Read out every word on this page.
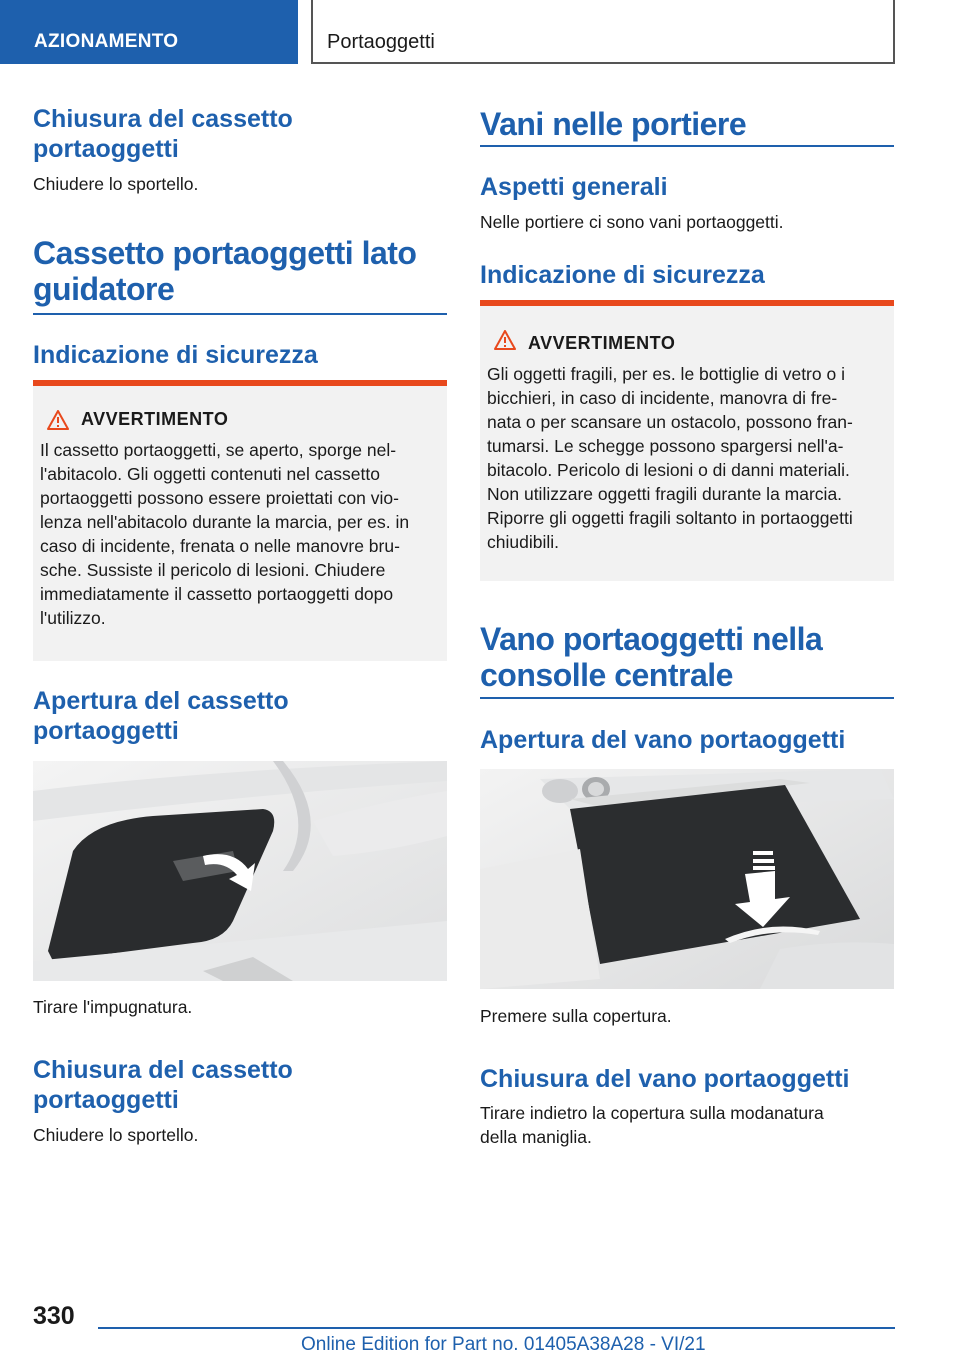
AZIONAMENTO	Portaoggetti
Chiusura del cassetto
portaoggetti

Chiudere lo sportello.

Cassetto portaoggetti lato
guidatore
Indicazione di sicurezza
AVVERTIMENTO

Il cassetto portaoggetti, se aperto, sporge nel-
l'abitacolo. Gli oggetti contenuti nel cassetto
portaoggetti possono essere proiettati con vio-
lenza nell'abitacolo durante la marcia, per es. in
caso di incidente, frenata o nelle manovre bru-
sche. Sussiste il pericolo di lesioni. Chiudere
immediatamente il cassetto portaoggetti dopo
l'utilizzo.

Apertura del cassetto
portaoggetti

Tirare l'impugnatura.

Chiusura del cassetto
portaoggetti

Chiudere lo sportello.

Vani nelle portiere
Aspetti generali

Nelle portiere ci sono vani portaoggetti.

Indicazione di sicurezza
AVVERTIMENTO

Gli oggetti fragili, per es. le bottiglie di vetro o i
bicchieri, in caso di incidente, manovra di fre-
nata o per scansare un ostacolo, possono fran-
tumarsi. Le schegge possono spargersi nell'a-
bitacolo. Pericolo di lesioni o di danni materiali.
Non utilizzare oggetti fragili durante la marcia.
Riporre gli oggetti fragili soltanto in portaoggetti
chiudibili.

Vano portaoggetti nella
consolle centrale
Apertura del vano portaoggetti

Premere sulla copertura.

Chiusura del vano portaoggetti

Tirare indietro la copertura sulla modanatura
della maniglia.

330
Online Edition for Part no. 01405A38A28 - VI/21
